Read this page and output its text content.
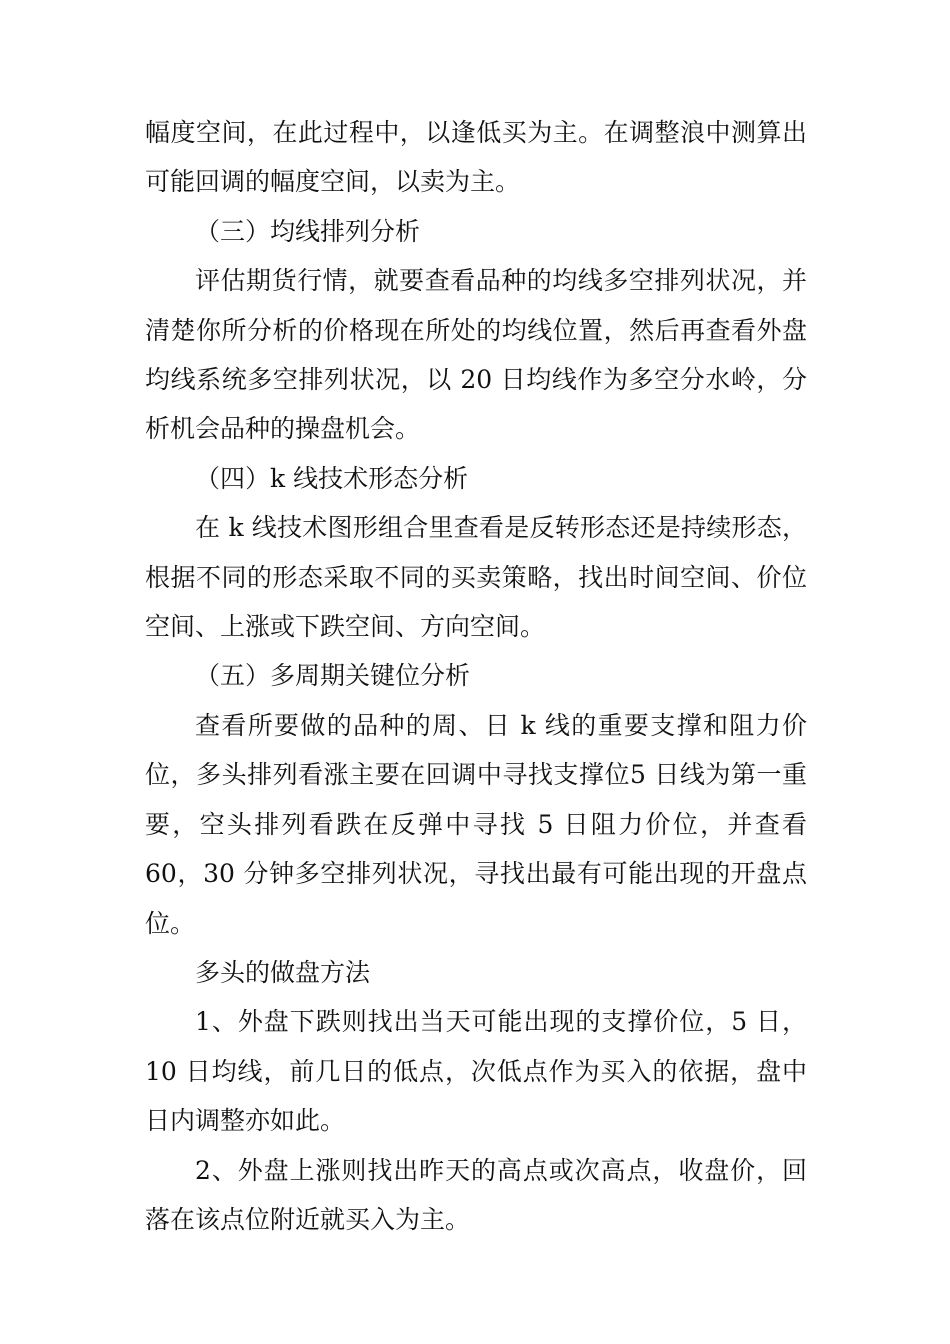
幅度空间，在此过程中，以逢低买为主。在调整浪中测算出可能回调的幅度空间，以卖为主。

（三）均线排列分析

评估期货行情，就要查看品种的均线多空排列状况，并清楚你所分析的价格现在所处的均线位置，然后再查看外盘均线系统多空排列状况，以 20 日均线作为多空分水岭，分析机会品种的操盘机会。

（四）k 线技术形态分析

在 k 线技术图形组合里查看是反转形态还是持续形态，根据不同的形态采取不同的买卖策略，找出时间空间、价位空间、上涨或下跌空间、方向空间。

（五）多周期关键位分析

查看所要做的品种的周、日 k 线的重要支撑和阻力价位，多头排列看涨主要在回调中寻找支撑位5 日线为第一重要，空头排列看跌在反弹中寻找 5 日阻力价位，并查看 60，30 分钟多空排列状况，寻找出最有可能出现的开盘点位。

多头的做盘方法

1、外盘下跌则找出当天可能出现的支撑价位，5 日，10 日均线，前几日的低点，次低点作为买入的依据，盘中日内调整亦如此。

2、外盘上涨则找出昨天的高点或次高点，收盘价，回落在该点位附近就买入为主。
